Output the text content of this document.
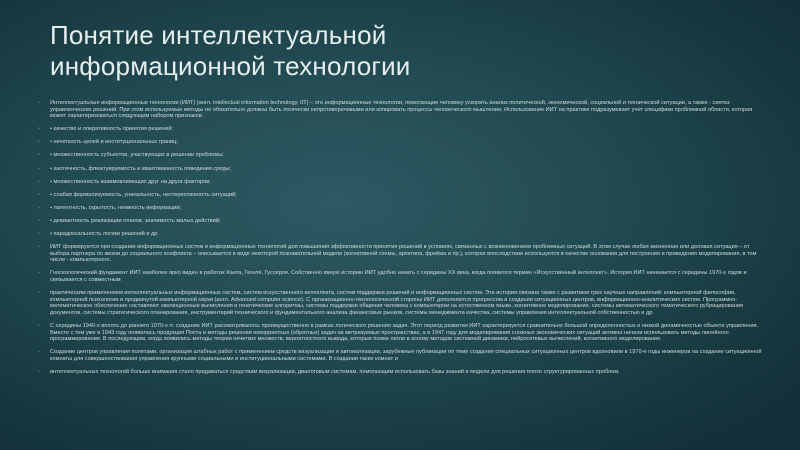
Понятие интеллектуальной
информационной технологии
▫ Интеллектуальные информационные технологии (ИИТ) (англ. intellectual information technology, IIT) – это информационные технологии, помогающие человеку ускорить анализ политической, экономической, социальной и технической ситуации, а также - синтез управленческих решений. При этом используемые методы не обязательно должны быть логически непротиворечивыми или копировать процессы человеческого мышления. Использование ИИТ на практике подразумевает учет специфики проблемной области, которая может характеризоваться следующим набором признаков:
▫ • качество и оперативность принятия решений;
▫ • нечеткость целей и институциональных границ;
▫ • множественность субъектов, участвующих в решении проблемы;
▫ • хаотичность, флюктуируемость и квантованность поведения среды;
▫ • множественность взаимовлияющих друг на друга факторов;
▫ • слабая формализуемость, уникальность, нестереотипность ситуаций;
▫ • латентность, скрытость, неявность информации;
▫ • девиантность реализации планов, значимость малых действий;
▫ • парадоксальность логики решений и др.
▫ ИИТ формируются при создании информационных систем и информационных технологий для повышения эффективности принятия решений в условиях, связанных с возникновением проблемных ситуаций. В этом случае любая жизненная или деловая ситуация – от выбора партнера по жизни до социального конфликта – описывается в виде некоторой познавательной модели (когнитивной схемы, архетипа, фрейма и пр.), которая впоследствии используется в качестве основания для построения и проведения моделирования, в том числе - компьютерного.
▫ Гносеологический фундамент ИИТ наиболее ярко виден в работах Канта, Гегеля, Гуссерля. Собственно явную историю ИИТ удобно начать с середины XX века, когда появился термин «Искусственный интеллект». История ИИТ начинается с середины 1970-х годов и связывается с совместным
▫ практическим применением интеллектуальных информационных систем, систем искусственного интеллекта, систем поддержки решений и информационных систем. Эта история связана также с развитием трех научных направлений: компьютерной философии, компьютерной психологии и продвинутой компьютерной науки (англ. Advanced computer science). С организационно-технологической стороны ИИТ дополняются прогрессом в создании ситуационных центров, информационно-аналитических систем. Программно-математическое обеспечение составляют эволюционные вычисления и генетические алгоритмы, системы поддержки общения человека с компьютером на естественном языке, когнитивное моделирование, системы автоматического тематического рубрицирования документов, системы стратегического планирования, инструментарий технического и фундаментального анализа финансовых рынков, системы менеджмента качества, системы управления интеллектуальной собственностью и др.
▫ С середины 1940-х вплоть до раннего 1970-х гг. создание ИИТ рассматривалось преимущественно в рамках логического решения задач. Этот период развития ИИТ характеризуется сравнительно большой определенностью и низкой динамичностью объекта управления. Вместе с тем уже в 1943 году появилась продукция Поста и методы решения некорректных (обратных) задач на метризуемых пространствах, а в 1947 году для моделирования сложных экономических ситуаций активно начали использовать методы линейного программирования. В последующем, когда появились методы теории нечетких множеств, вероятностного вывода, которые позже легли в основу методов системной динамики, нейросетевых вычислений, когнитивного моделирования.
▫ Создание центров управления полетами, организация штабных работ с применением средств визуализации и автоматизации, зарубежные публикации по теме создания специальных ситуационных центров вдохновили в 1970-е годы инженеров на создание ситуационной комнаты для совершенствования управления крупными социальными и институциональными системами. В создании таких комнат и
▫ интеллектуальных технологий больше внимания стало придаваться средствам визуализации, диалоговым системам, помогающим использовать базы знаний и модели для решения плохо структурированных проблем.
